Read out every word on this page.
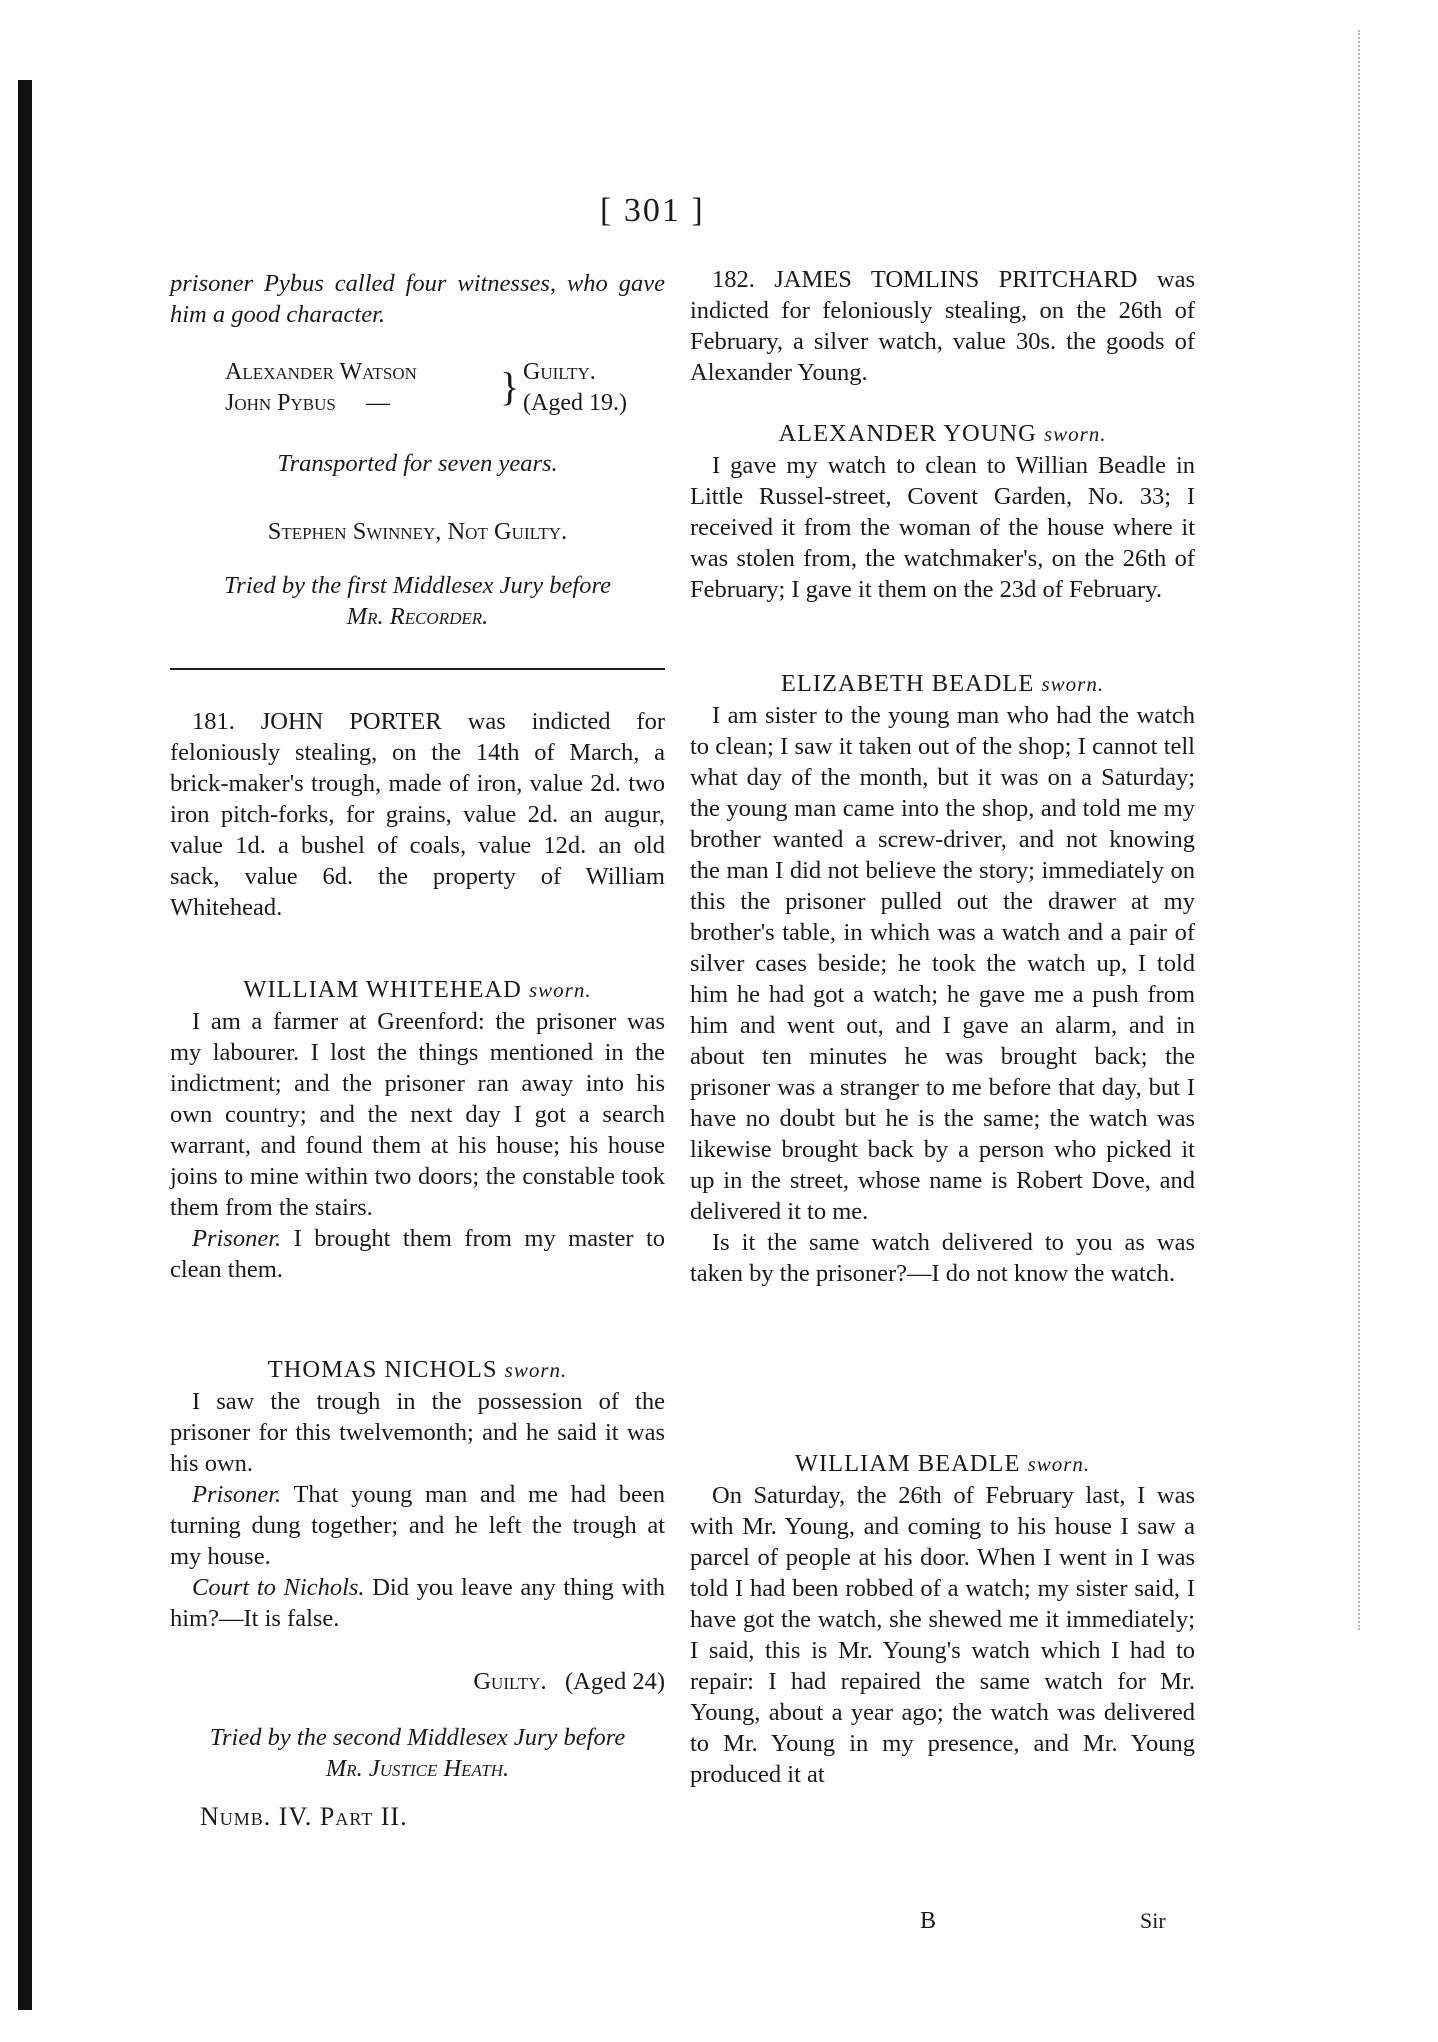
[ 301 ]

prisoner Pybus called four witnesses, who gave him a good character.

Alexander Watson
John Pybus —	} Guilty.
(Aged 19.)
Transported for seven years.
Stephen Swinney, Not Guilty.
Tried by the first Middlesex Jury before
Mr. Recorder.

181. JOHN PORTER was indicted for feloniously stealing, on the 14th of March, a brick-maker's trough, made of iron, value 2d. two iron pitch-forks, for grains, value 2d. an augur, value 1d. a bushel of coals, value 12d. an old sack, value 6d. the property of William Whitehead.

WILLIAM WHITEHEAD sworn.

I am a farmer at Greenford: the prisoner was my labourer. I lost the things mentioned in the indictment; and the prisoner ran away into his own country; and the next day I got a search warrant, and found them at his house; his house joins to mine within two doors; the constable took them from the stairs.

Prisoner. I brought them from my master to clean them.

THOMAS NICHOLS sworn.

I saw the trough in the possession of the prisoner for this twelvemonth; and he said it was his own.

Prisoner. That young man and me had been turning dung together; and he left the trough at my house.

Court to Nichols. Did you leave any thing with him?—It is false.

Guilty. (Aged 24)
Tried by the second Middlesex Jury before
Mr. Justice Heath.
Numb. IV. Part II.

182. JAMES TOMLINS PRITCHARD was indicted for feloniously stealing, on the 26th of February, a silver watch, value 30s. the goods of Alexander Young.

ALEXANDER YOUNG sworn.

I gave my watch to clean to Willian Beadle in Little Russel-street, Covent Garden, No. 33; I received it from the woman of the house where it was stolen from, the watchmaker's, on the 26th of February; I gave it them on the 23d of February.

ELIZABETH BEADLE sworn.

I am sister to the young man who had the watch to clean; I saw it taken out of the shop; I cannot tell what day of the month, but it was on a Saturday; the young man came into the shop, and told me my brother wanted a screw-driver, and not knowing the man I did not believe the story; immediately on this the prisoner pulled out the drawer at my brother's table, in which was a watch and a pair of silver cases beside; he took the watch up, I told him he had got a watch; he gave me a push from him and went out, and I gave an alarm, and in about ten minutes he was brought back; the prisoner was a stranger to me before that day, but I have no doubt but he is the same; the watch was likewise brought back by a person who picked it up in the street, whose name is Robert Dove, and delivered it to me.

Is it the same watch delivered to you as was taken by the prisoner?—I do not know the watch.

WILLIAM BEADLE sworn.

On Saturday, the 26th of February last, I was with Mr. Young, and coming to his house I saw a parcel of people at his door. When I went in I was told I had been robbed of a watch; my sister said, I have got the watch, she shewed me it immediately; I said, this is Mr. Young's watch which I had to repair: I had repaired the same watch for Mr. Young, about a year ago; the watch was delivered to Mr. Young in my presence, and Mr. Young produced it at

B	Sir
